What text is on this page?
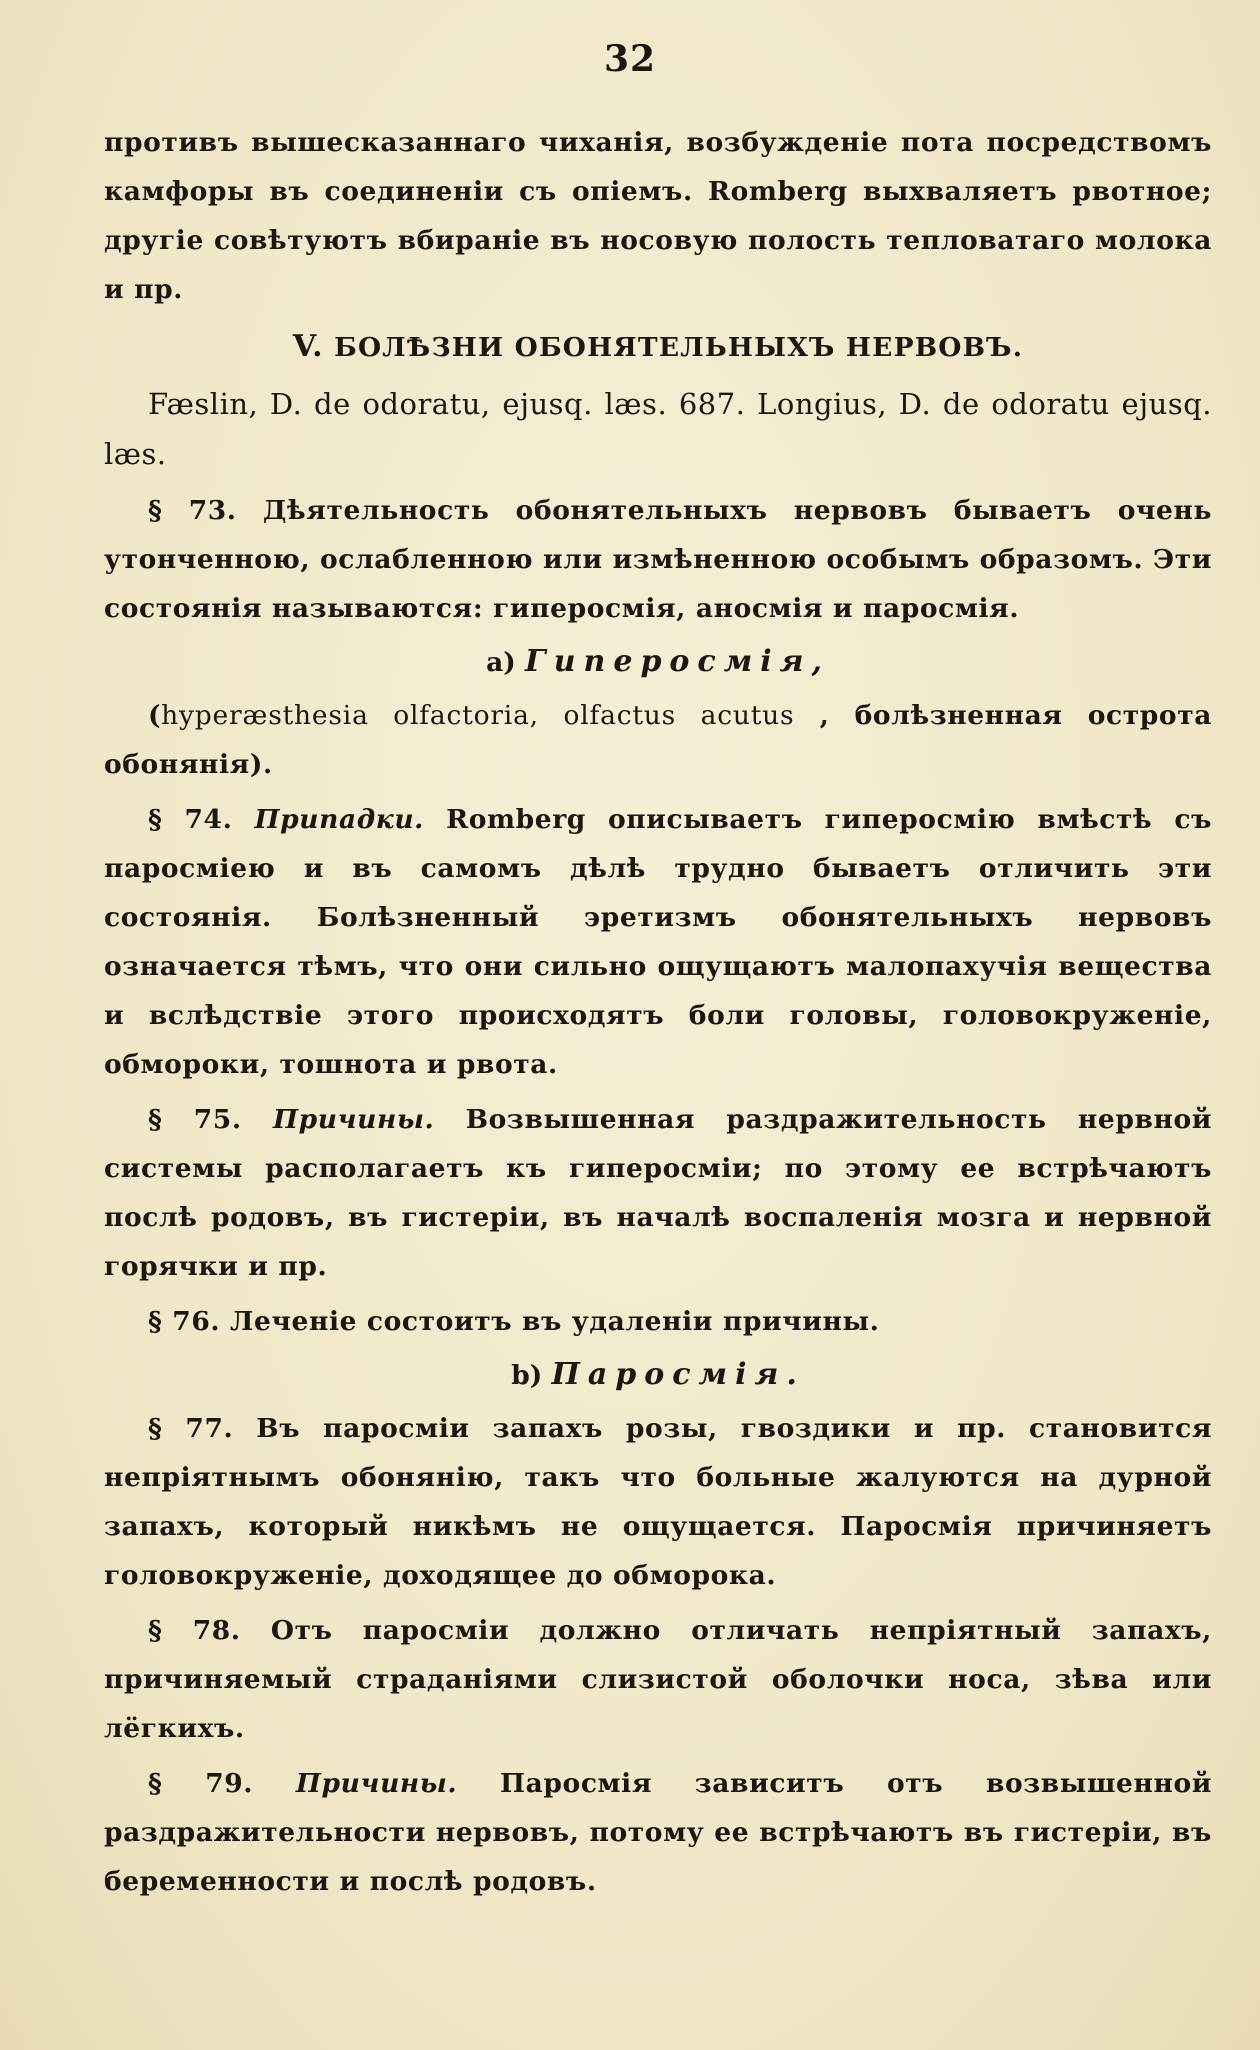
32

противъ вышесказаннаго чиханія, возбужденіе пота посредствомъ камфоры въ соединеніи съ опіемъ. Romberg выхваляетъ рвотное; другіе совѣтуютъ вбираніе въ носовую полость тепловатаго молока и пр.

V. БОЛѢЗНИ ОБОНЯТЕЛЬНЫХЪ НЕРВОВЪ.

Fæslin, D. de odoratu, ejusq. læs. 687. Longius, D. de odoratu ejusq. læs.

§ 73. Дѣятельность обонятельныхъ нервовъ бываетъ очень утонченною, ослабленною или измѣненною особымъ образомъ. Эти состоянія называются: гиперосмія, аносмія и паросмія.

a) Гиперосмія,

(hyperæsthesia olfactoria, olfactus acutus , болѣзненная острота обонянія).

§ 74. Припадки. Romberg описываетъ гиперосмію вмѣстѣ съ паросміею и въ самомъ дѣлѣ трудно бываетъ отличить эти состоянія. Болѣзненный эретизмъ обонятельныхъ нервовъ означается тѣмъ, что они сильно ощущаютъ малопахучія вещества и вслѣдствіе этого происходятъ боли головы, головокруженіе, обмороки, тошнота и рвота.

§ 75. Причины. Возвышенная раздражительность нервной системы располагаетъ къ гиперосміи; по этому ее встрѣчаютъ послѣ родовъ, въ гистеріи, въ началѣ воспаленія мозга и нервной горячки и пр.

§ 76. Леченіе состоитъ въ удаленіи причины.

b) Паросмія.

§ 77. Въ паросміи запахъ розы, гвоздики и пр. становится непріятнымъ обонянію, такъ что больные жалуются на дурной запахъ, который никѣмъ не ощущается. Паросмія причиняетъ головокруженіе, доходящее до обморока.

§ 78. Отъ паросміи должно отличать непріятный запахъ, причиняемый страданіями слизистой оболочки носа, зѣва или лёгкихъ.

§ 79. Причины. Паросмія зависитъ отъ возвышенной раздражительности нервовъ, потому ее встрѣчаютъ въ гистеріи, въ беременности и послѣ родовъ.
